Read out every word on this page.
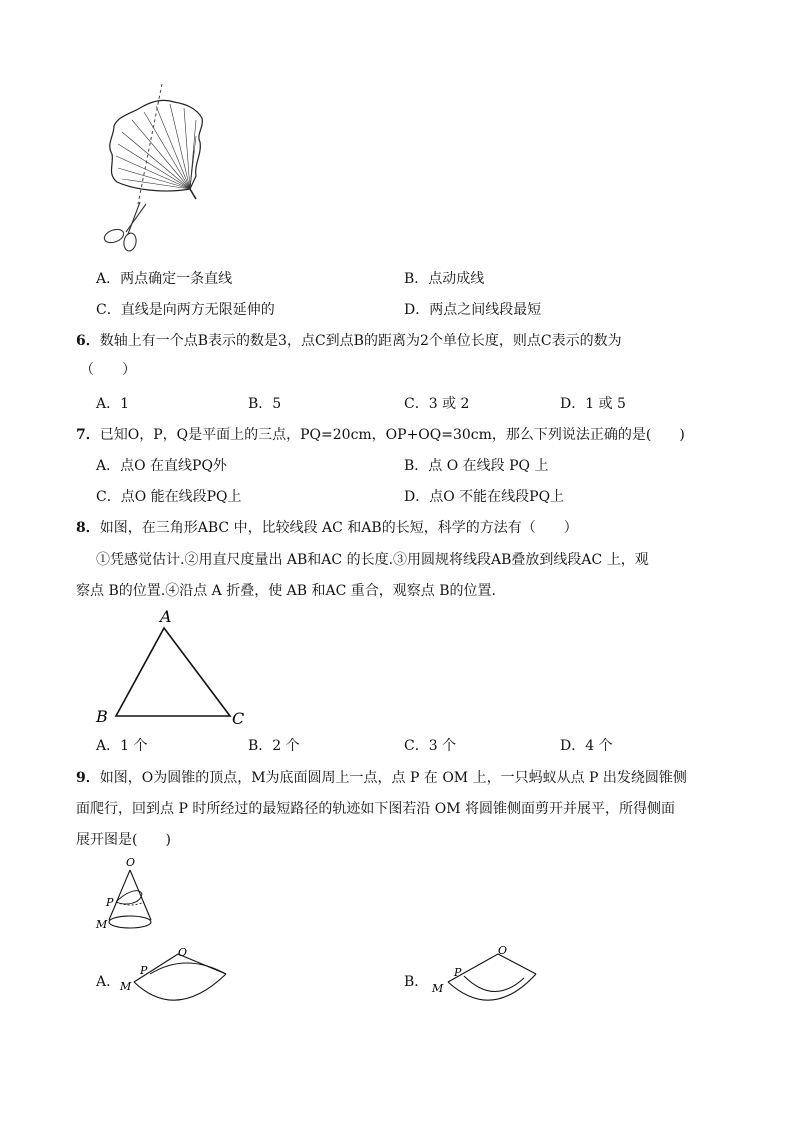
A．两点确定一条直线	B．点动成线
C．直线是向两方无限延伸的	D．两点之间线段最短
6．数轴上有一个点B表示的数是3，点C到点B的距离为2个单位长度，则点C表示的数为
（　　）
A．1	B．5	C．3 或 2	D．1 或 5
7．已知O，P，Q是平面上的三点，PQ=20cm，OP+OQ=30cm，那么下列说法正确的是(　　)
A．点O 在直线PQ外	B．点 O 在线段 PQ 上
C．点O 能在线段PQ上	D．点O 不能在线段PQ上
8．如图，在三角形ABC 中，比较线段 AC 和AB的长短，科学的方法有（　　）
①凭感觉估计.②用直尺度量出 AB和AC 的长度.③用圆规将线段AB叠放到线段AC 上，观
察点 B的位置.④沿点 A 折叠，使 AB 和AC 重合，观察点 B的位置.
A
B	C
A．1 个	B．2 个	C．3 个	D．4 个
9．如图，O为圆锥的顶点，M为底面圆周上一点，点 P 在 OM 上，一只蚂蚁从点 P 出发绕圆锥侧
面爬行，回到点 P 时所经过的最短路径的轨迹如下图若沿 OM 将圆锥侧面剪开并展平，所得侧面
展开图是(　　)
O
P
M
A．
O
P
M	B．
O
P
M
